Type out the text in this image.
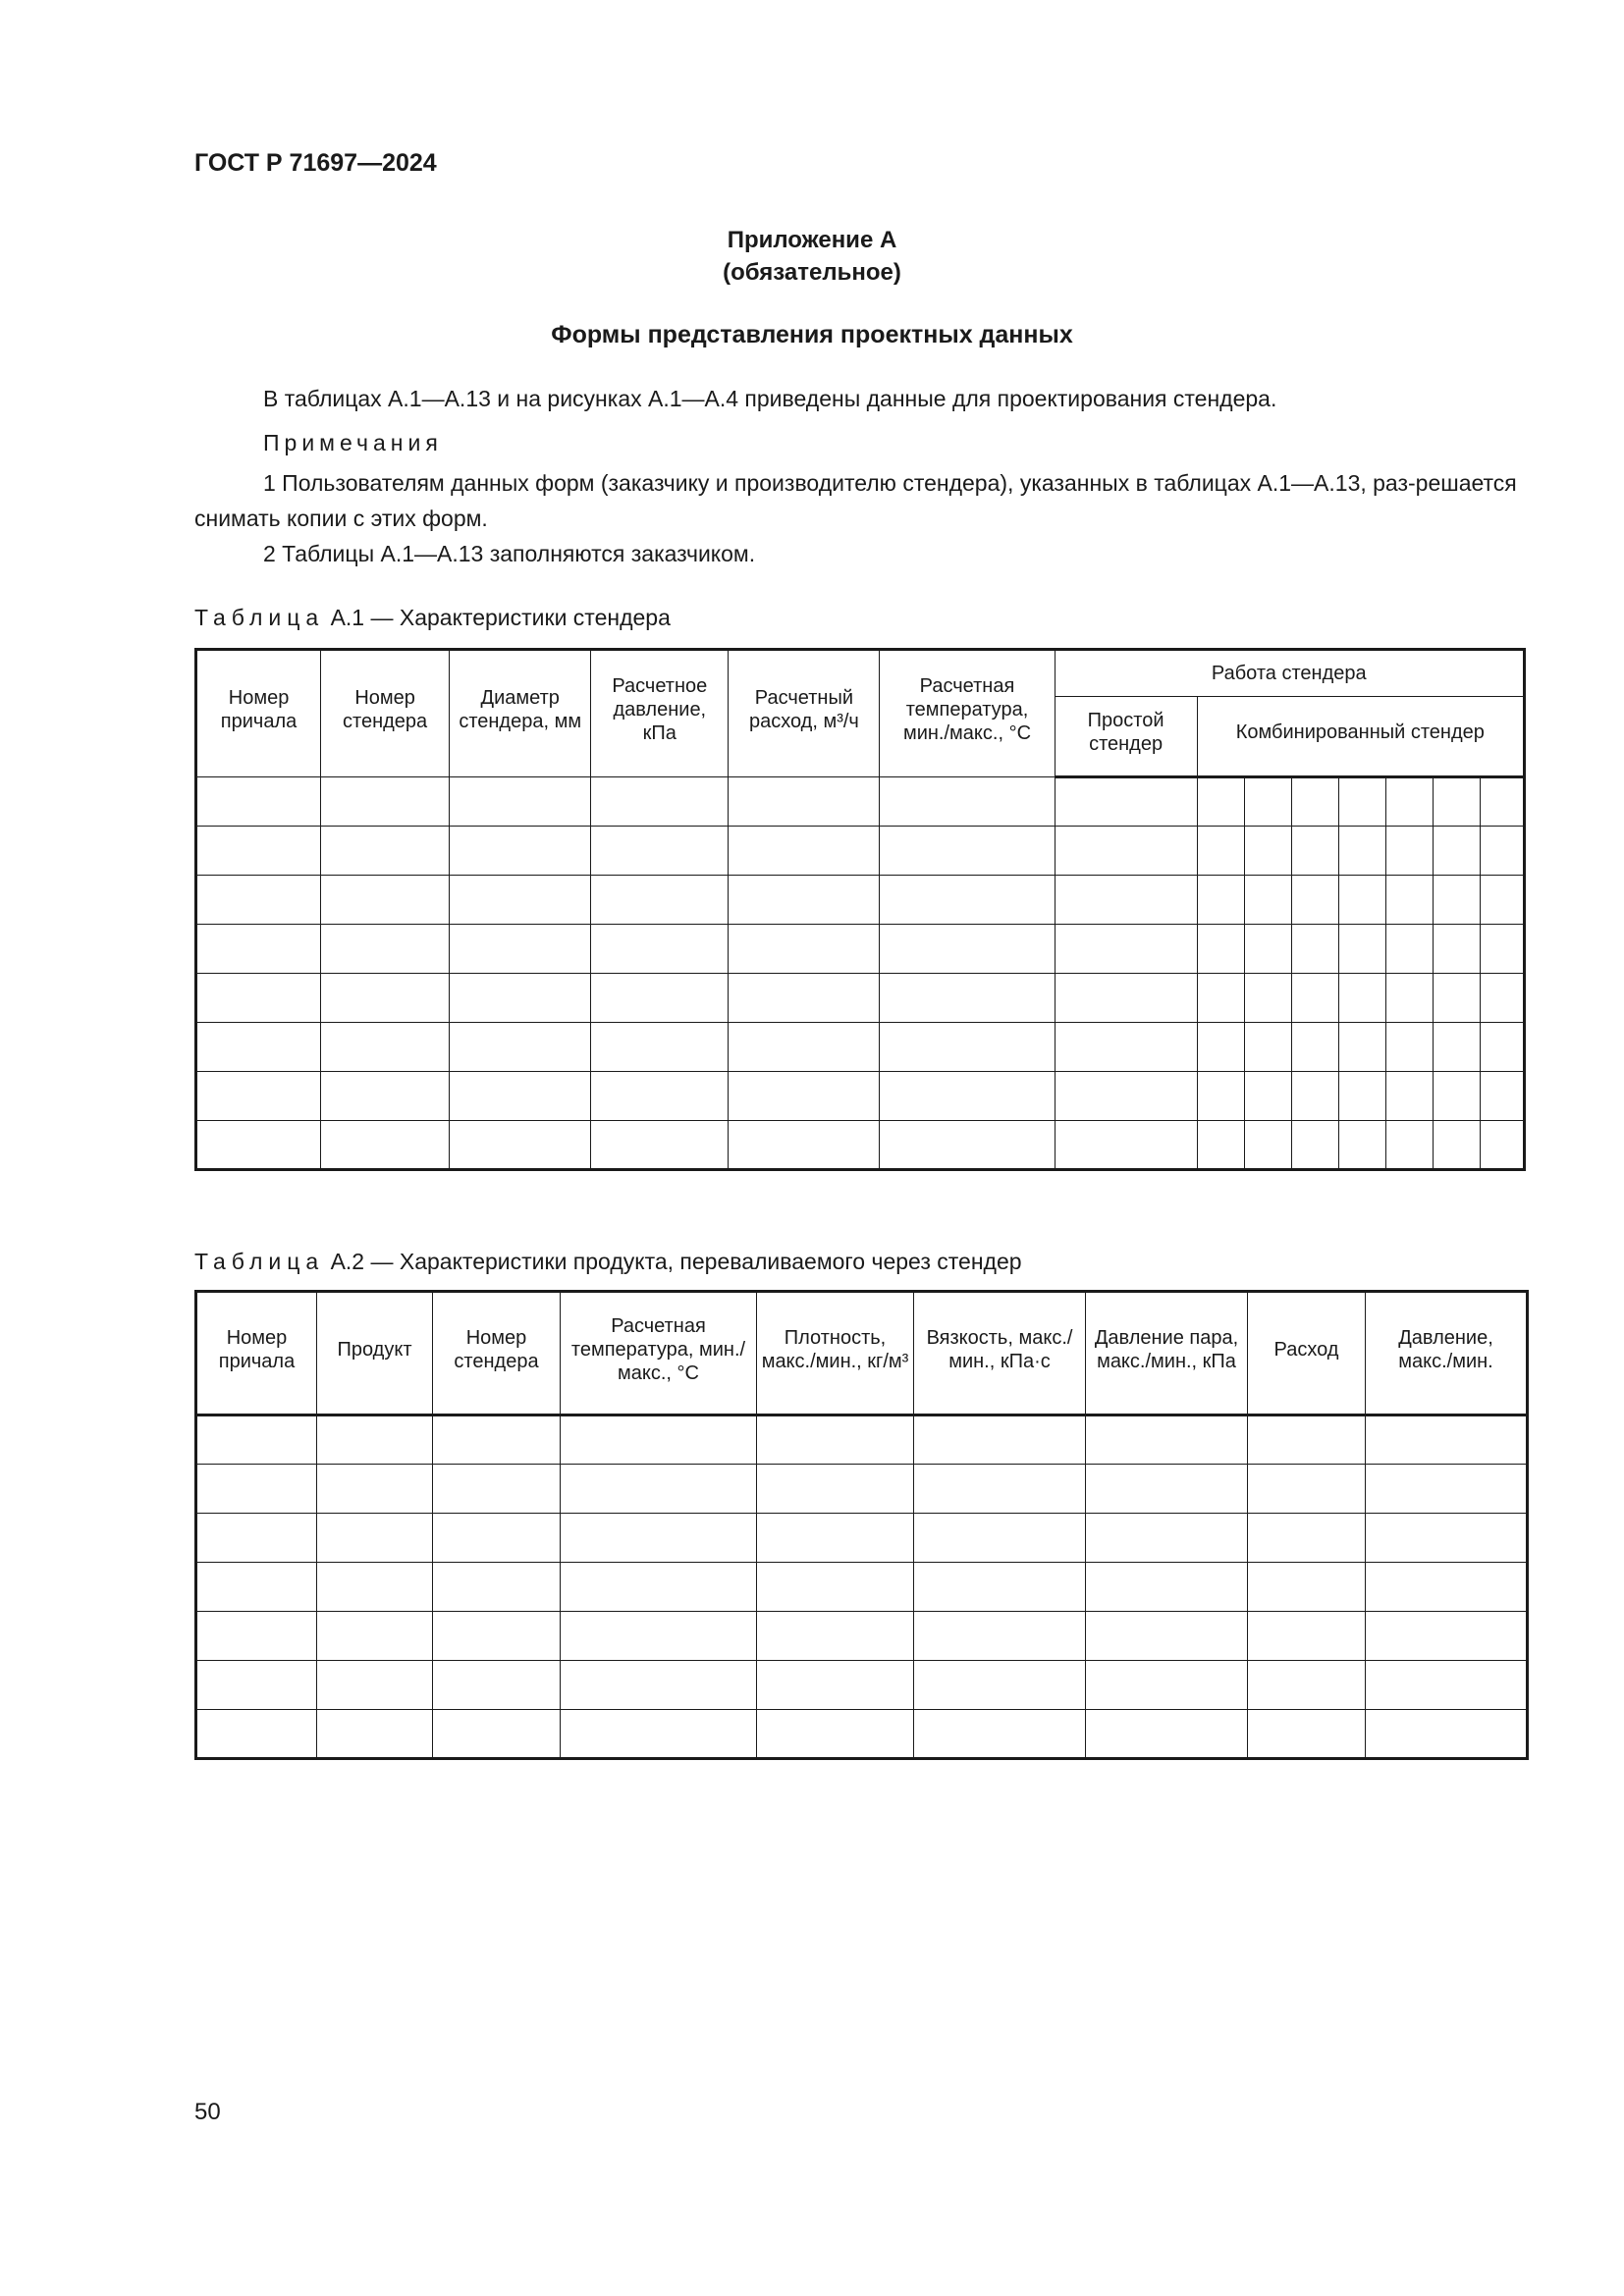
ГОСТ Р 71697—2024
Приложение А
(обязательное)
Формы представления проектных данных
В таблицах А.1—А.13 и на рисунках А.1—А.4 приведены данные для проектирования стендера.
Примечания
1 Пользователям данных форм (заказчику и производителю стендера), указанных в таблицах А.1—А.13, раз-решается снимать копии с этих форм.
2 Таблицы А.1—А.13 заполняются заказчиком.
Таблица А.1 — Характеристики стендера
Номер причала	Номер стендера	Диаметр стендера, мм	Расчетное давление, кПа	Расчетный расход, м³/ч	Расчетная температура, мин./макс., °С	Работа стендера							
						Простой стендер	Комбинированный стендер						

Таблица А.2 — Характеристики продукта, переваливаемого через стендер
Номер причала	Продукт	Номер стендера	Расчетная температура, мин./макс., °С	Плотность, макс./мин., кг/м³	Вязкость, макс./мин., кПа·с	Давление пара, макс./мин., кПа	Расход	Давление, макс./мин.

50
